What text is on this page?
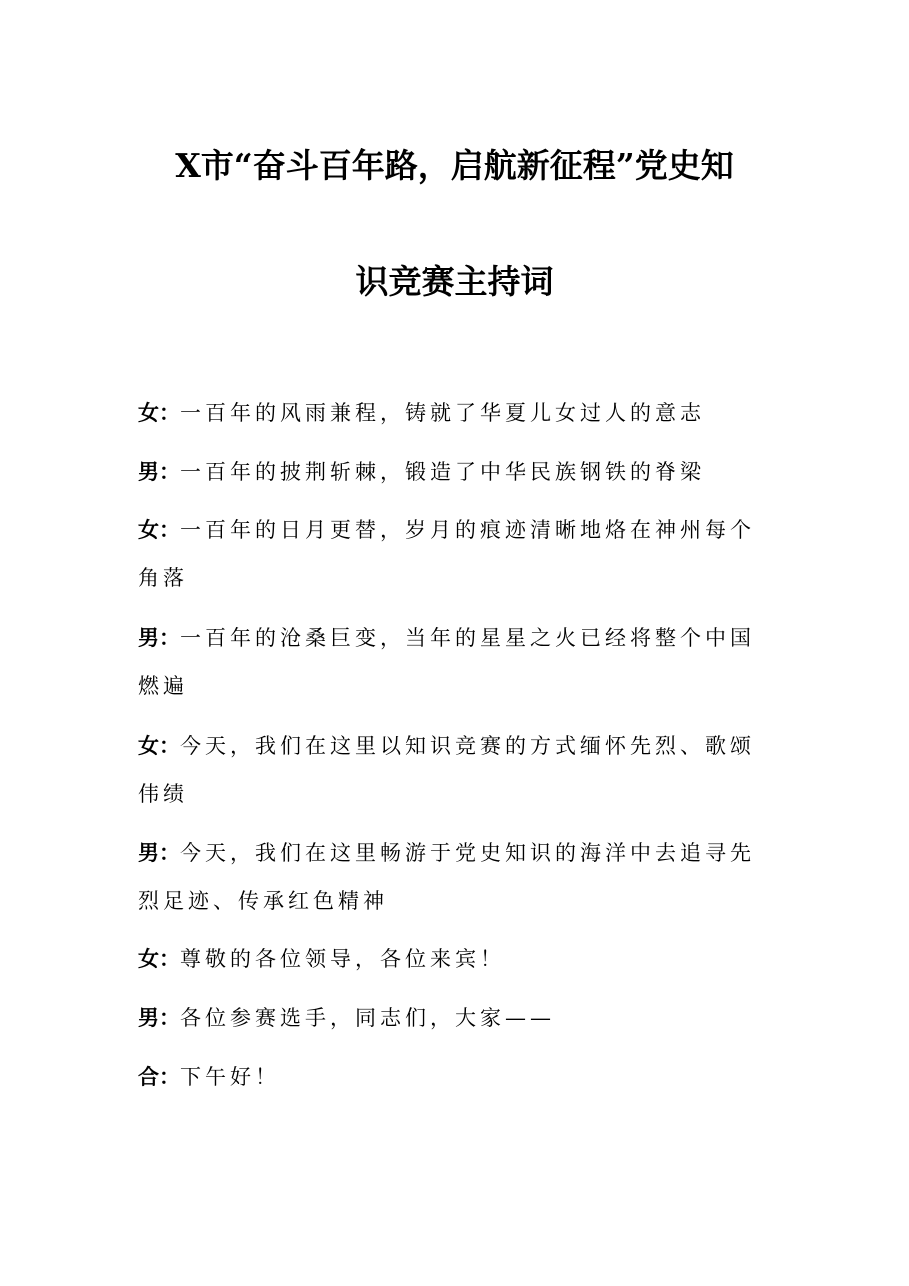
X市“奋斗百年路，启航新征程”党史知
识竞赛主持词
女：一百年的风雨兼程，铸就了华夏儿女过人的意志
男：一百年的披荆斩棘，锻造了中华民族钢铁的脊梁
女：一百年的日月更替，岁月的痕迹清晰地烙在神州每个角落
男：一百年的沧桑巨变，当年的星星之火已经将整个中国燃遍
女：今天，我们在这里以知识竞赛的方式缅怀先烈、歌颂伟绩
男：今天，我们在这里畅游于党史知识的海洋中去追寻先烈足迹、传承红色精神
女：尊敬的各位领导，各位来宾！
男：各位参赛选手，同志们，大家——
合：下午好！
